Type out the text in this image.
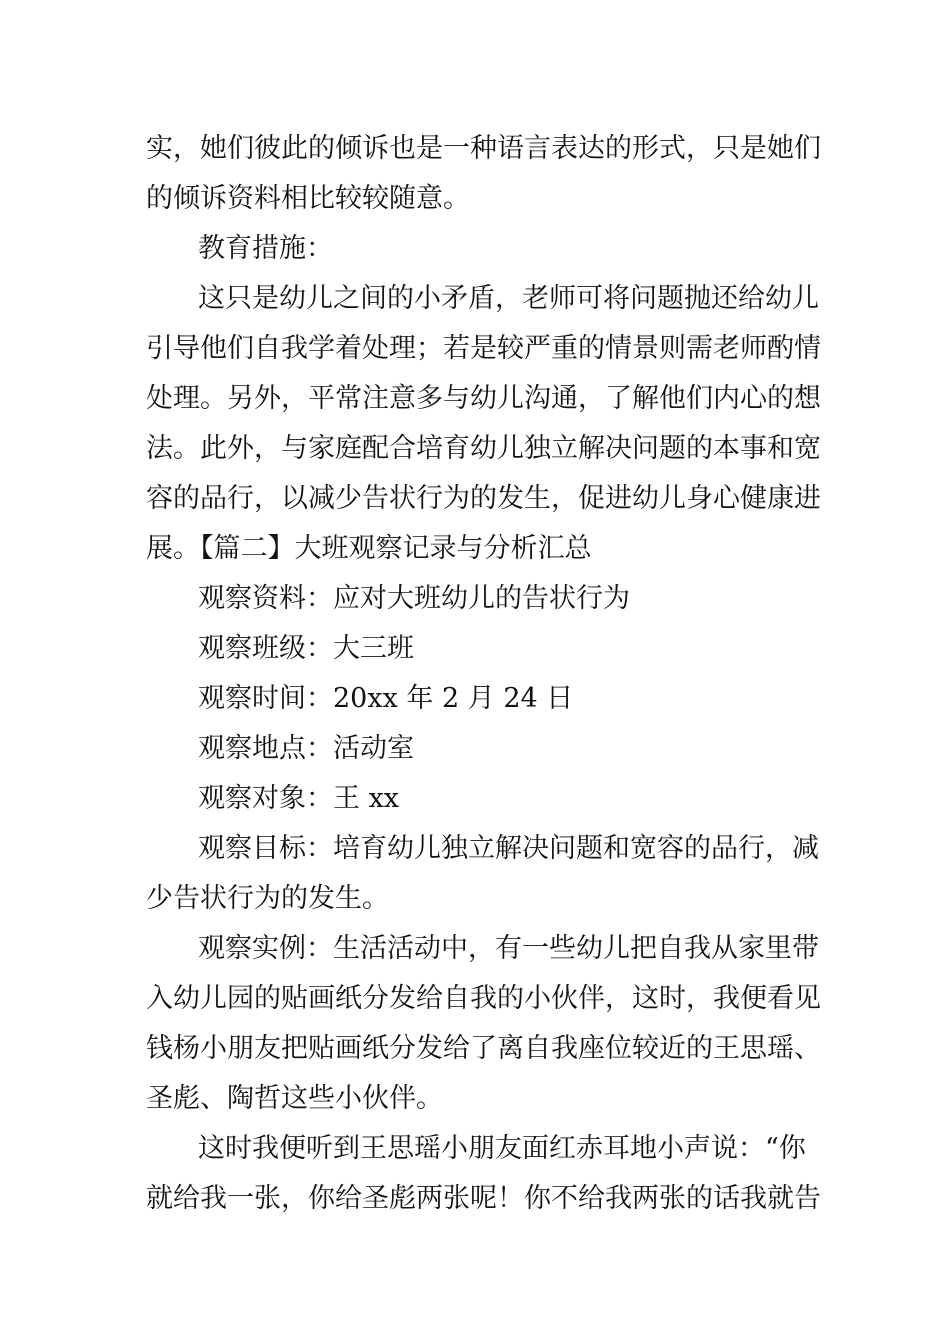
实，她们彼此的倾诉也是一种语言表达的形式，只是她们
的倾诉资料相比较较随意。
教育措施：
这只是幼儿之间的小矛盾，老师可将问题抛还给幼儿
引导他们自我学着处理；若是较严重的情景则需老师酌情
处理。另外，平常注意多与幼儿沟通，了解他们内心的想
法。此外，与家庭配合培育幼儿独立解决问题的本事和宽
容的品行，以减少告状行为的发生，促进幼儿身心健康进
展。【篇二】大班观察记录与分析汇总
观察资料：应对大班幼儿的告状行为
观察班级：大三班
观察时间：20xx 年 2 月 24 日
观察地点：活动室
观察对象：王 xx
观察目标：培育幼儿独立解决问题和宽容的品行，减
少告状行为的发生。
观察实例：生活活动中，有一些幼儿把自我从家里带
入幼儿园的贴画纸分发给自我的小伙伴，这时，我便看见
钱杨小朋友把贴画纸分发给了离自我座位较近的王思瑶、
圣彪、陶哲这些小伙伴。
这时我便听到王思瑶小朋友面红赤耳地小声说：“你
就给我一张，你给圣彪两张呢！你不给我两张的话我就告
